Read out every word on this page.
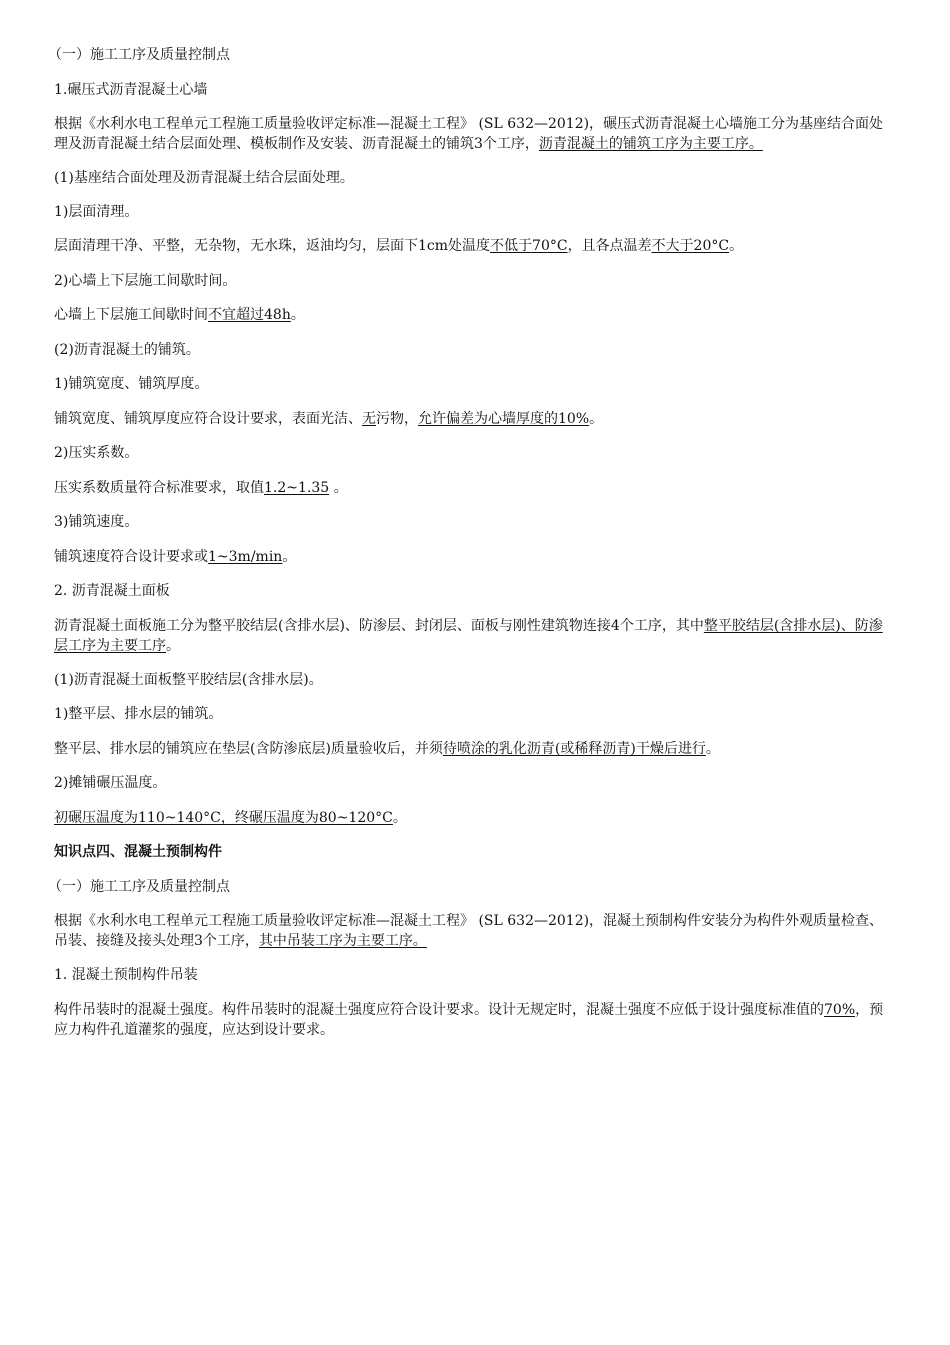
（一）施工工序及质量控制点
1.碾压式沥青混凝土心墙
根据《水利水电工程单元工程施工质量验收评定标准—混凝土工程》 (SL 632—2012)，碾压式沥青混凝土心墙施工分为基座结合面处理及沥青混凝土结合层面处理、模板制作及安装、沥青混凝土的铺筑3个工序，沥青混凝土的铺筑工序为主要工序。
(1)基座结合面处理及沥青混凝土结合层面处理。
1)层面清理。
层面清理干净、平整，无杂物，无水珠，返油均匀，层面下1cm处温度不低于70°C，且各点温差不大于20°C。
2)心墙上下层施工间歇时间。
心墙上下层施工间歇时间不宜超过48h。
(2)沥青混凝土的铺筑。
1)铺筑宽度、铺筑厚度。
铺筑宽度、铺筑厚度应符合设计要求，表面光洁、无污物，允许偏差为心墙厚度的10%。
2)压实系数。
压实系数质量符合标准要求，取值1.2~1.35 。
3)铺筑速度。
铺筑速度符合设计要求或1~3m/min。
2. 沥青混凝土面板
沥青混凝土面板施工分为整平胶结层(含排水层)、防渗层、封闭层、面板与刚性建筑物连接4个工序，其中整平胶结层(含排水层)、防渗层工序为主要工序。
(1)沥青混凝土面板整平胶结层(含排水层)。
1)整平层、排水层的铺筑。
整平层、排水层的铺筑应在垫层(含防渗底层)质量验收后，并须待喷涂的乳化沥青(或稀释沥青)干燥后进行。
2)摊铺碾压温度。
初碾压温度为110~140°C，终碾压温度为80~120°C。
知识点四、混凝土预制构件
（一）施工工序及质量控制点
根据《水利水电工程单元工程施工质量验收评定标准—混凝土工程》 (SL 632—2012)，混凝土预制构件安装分为构件外观质量检查、吊装、接缝及接头处理3个工序，其中吊装工序为主要工序。
1. 混凝土预制构件吊装
构件吊装时的混凝土强度。构件吊装时的混凝土强度应符合设计要求。设计无规定时，混凝土强度不应低于设计强度标准值的70%，预应力构件孔道灌浆的强度，应达到设计要求。
